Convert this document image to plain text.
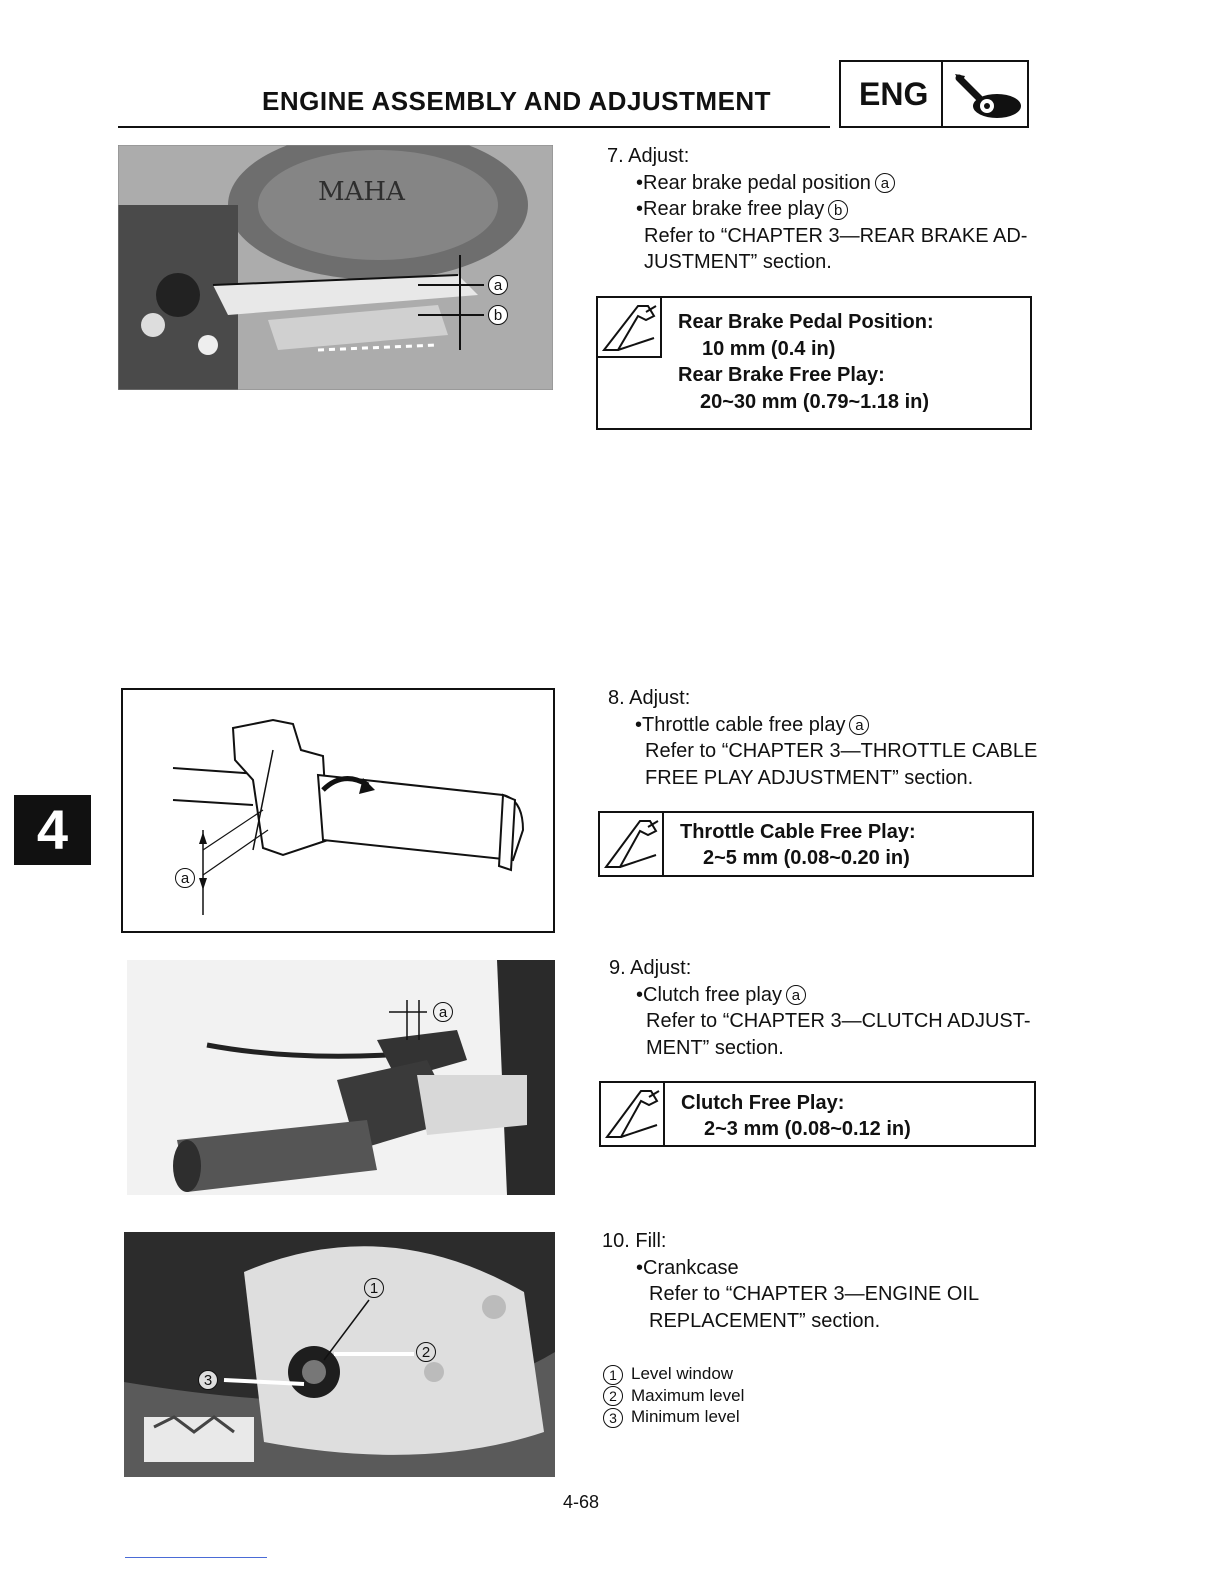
ENGINE ASSEMBLY AND ADJUSTMENT	ENG
4
MAHA
a
b
7. Adjust:
•Rear brake pedal position a
•Rear brake free play b
Refer to “CHAPTER 3—REAR BRAKE AD-
JUSTMENT” section.
Rear Brake Pedal Position:
10 mm (0.4 in)
Rear Brake Free Play:
20~30 mm (0.79~1.18 in)
a
8. Adjust:
•Throttle cable free play a
Refer to “CHAPTER 3—THROTTLE CABLE
FREE PLAY ADJUSTMENT” section.
Throttle Cable Free Play:
2~5 mm (0.08~0.20 in)
a
9. Adjust:
•Clutch free play a
Refer to “CHAPTER 3—CLUTCH ADJUST-
MENT” section.
Clutch Free Play:
2~3 mm (0.08~0.12 in)
1
2
3
10. Fill:
•Crankcase
Refer to “CHAPTER 3—ENGINE OIL
REPLACEMENT” section.
1 Level window
2 Maximum level
3 Minimum level
4-68
